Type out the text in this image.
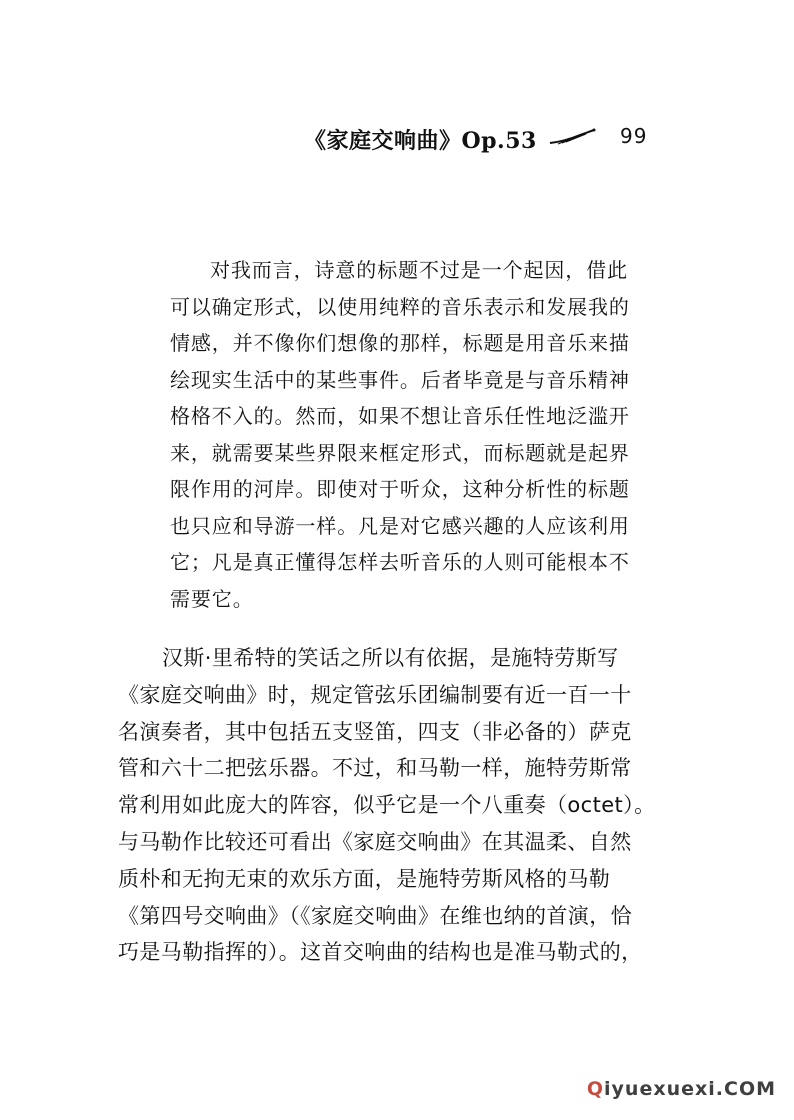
《家庭交响曲》Op.53	99
对我而言，诗意的标题不过是一个起因，借此
可以确定形式，以使用纯粹的音乐表示和发展我的
情感，并不像你们想像的那样，标题是用音乐来描
绘现实生活中的某些事件。后者毕竟是与音乐精神
格格不入的。然而，如果不想让音乐任性地泛滥开
来，就需要某些界限来框定形式，而标题就是起界
限作用的河岸。即使对于听众，这种分析性的标题
也只应和导游一样。凡是对它感兴趣的人应该利用
它；凡是真正懂得怎样去听音乐的人则可能根本不
需要它。
汉斯·里希特的笑话之所以有依据，是施特劳斯写
《家庭交响曲》时，规定管弦乐团编制要有近一百一十
名演奏者，其中包括五支竖笛，四支（非必备的）萨克
管和六十二把弦乐器。不过，和马勒一样，施特劳斯常
常利用如此庞大的阵容，似乎它是一个八重奏（octet）。
与马勒作比较还可看出《家庭交响曲》在其温柔、自然
质朴和无拘无束的欢乐方面，是施特劳斯风格的马勒
《第四号交响曲》（《家庭交响曲》在维也纳的首演，恰
巧是马勒指挥的）。这首交响曲的结构也是准马勒式的，
Qiyuexuexi.COM
